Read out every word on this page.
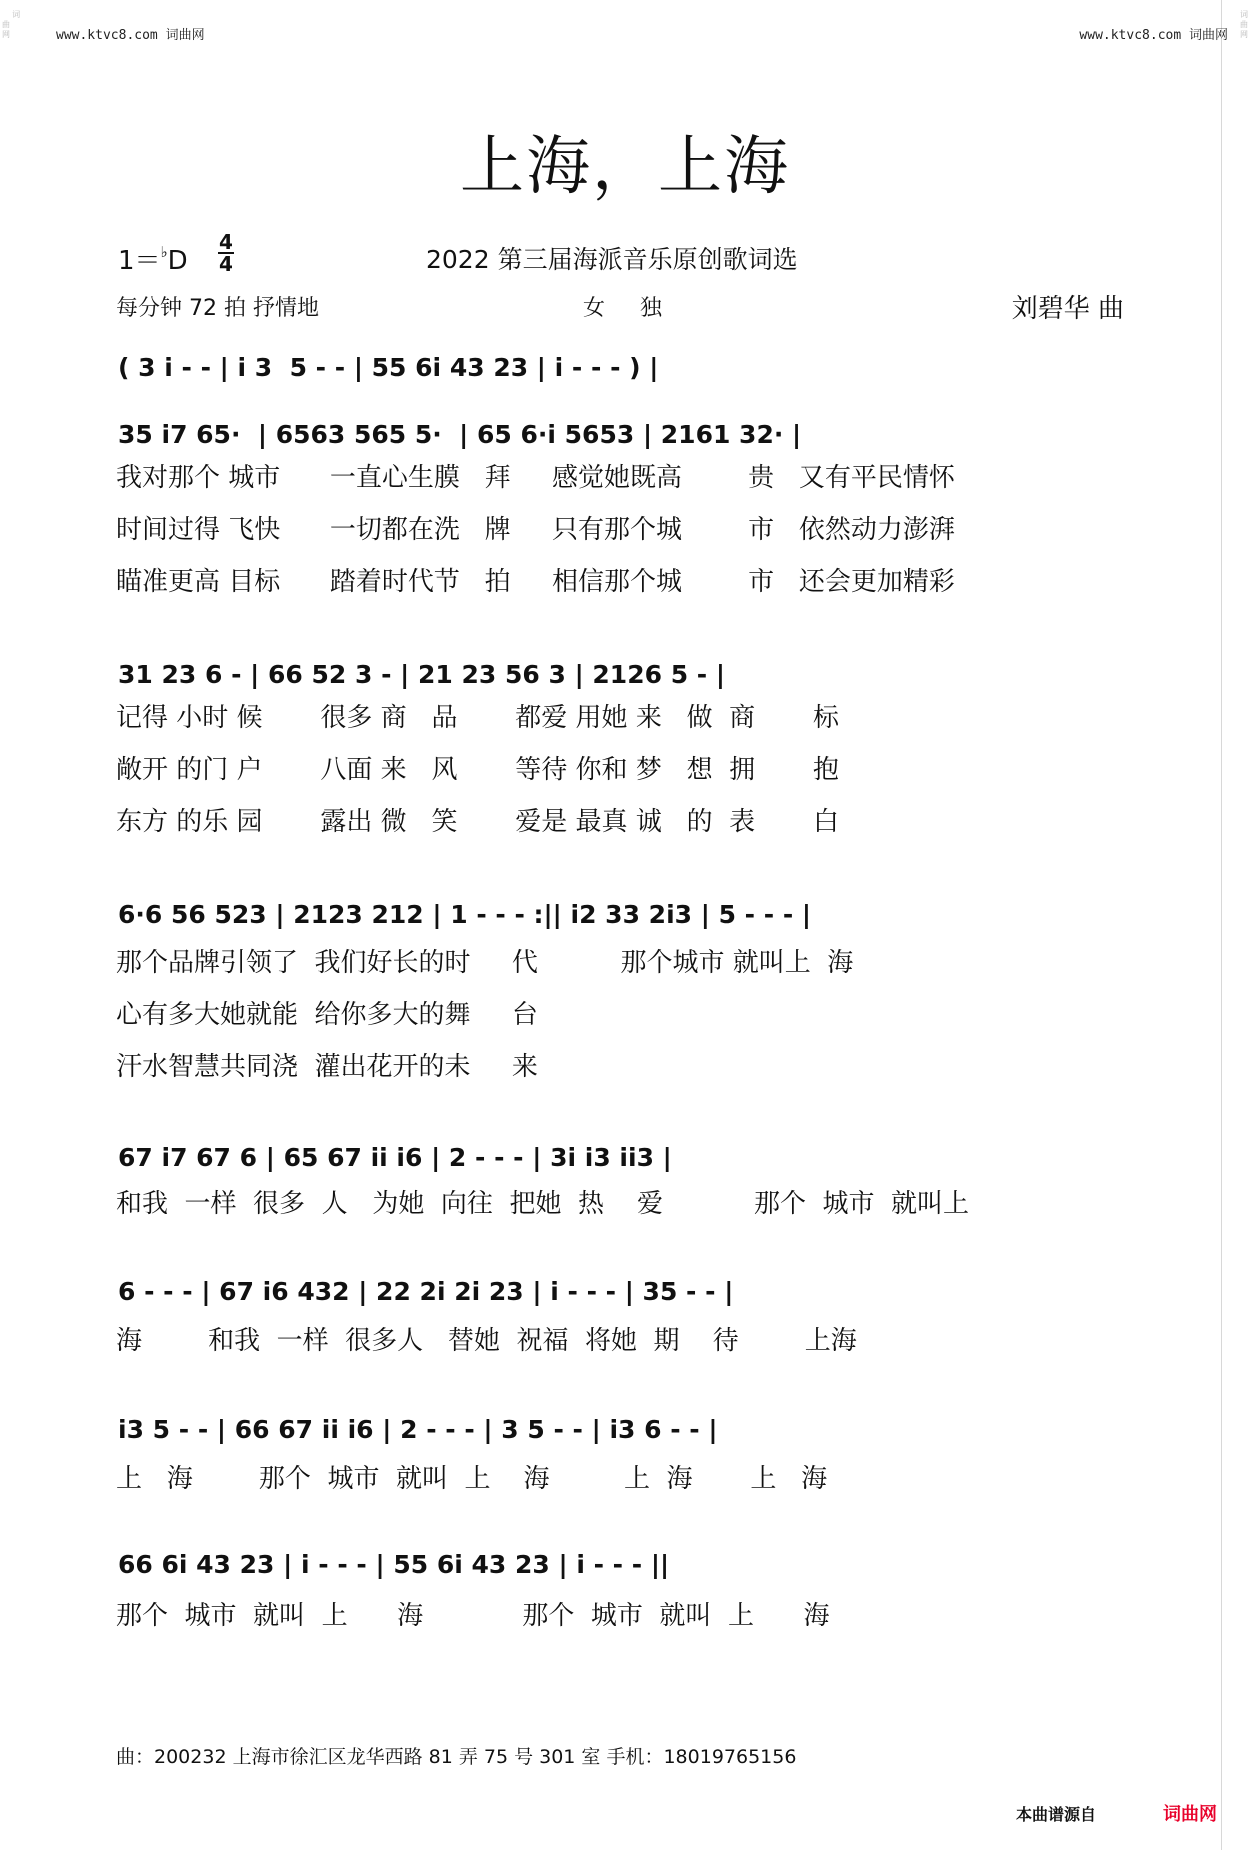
词
曲
网

词
曲
网

www.ktvc8.com 词曲网	www.ktvc8.com 词曲网
上海，上海
1＝♭D
4
4	2022 第三届海派音乐原创歌词选
每分钟 72 拍 抒情地	女 独	刘碧华 曲
( 3 i - - | i 3  5 - - | 55 6i 43 23 | i - - - ) |
35 i7 65·  | 6563 565 5·  | 65 6·i 5653 | 2161 32· |
我对那个 城市      一直心生膜   拜     感觉她既高        贵   又有平民情怀
时间过得 飞快      一切都在洗   牌     只有那个城        市   依然动力澎湃
瞄准更高 目标      踏着时代节   拍     相信那个城        市   还会更加精彩
31 23 6 - | 66 52 3 - | 21 23 56 3 | 2126 5 - |
记得 小时 候       很多 商   品       都爱 用她 来   做  商       标
敞开 的门 户       八面 来   风       等待 你和 梦   想  拥       抱
东方 的乐 园       露出 微   笑       爱是 最真 诚   的  表       白
6·6 56 523 | 2123 212 | 1 - - - :|| i2 33 2i3 | 5 - - - |
那个品牌引领了  我们好长的时     代          那个城市 就叫上  海
心有多大她就能  给你多大的舞     台
汗水智慧共同浇  灌出花开的未     来
67 i7 67 6 | 65 67 ii i6 | 2 - - - | 3i i3 ii3 |
和我  一样  很多  人   为她  向往  把她  热    爱           那个  城市  就叫上
6 - - - | 67 i6 432 | 22 2i 2i 23 | i - - - | 35 - - |
海        和我  一样  很多人   替她  祝福  将她  期    待        上海
i3 5 - - | 66 67 ii i6 | 2 - - - | 3 5 - - | i3 6 - - |
上   海        那个  城市  就叫  上    海         上  海       上   海
66 6i 43 23 | i - - - | 55 6i 43 23 | i - - - ||
那个  城市  就叫  上      海            那个  城市  就叫  上      海
曲：200232 上海市徐汇区龙华西路 81 弄 75 号 301 室 手机：18019765156
本曲谱源自	词曲网
